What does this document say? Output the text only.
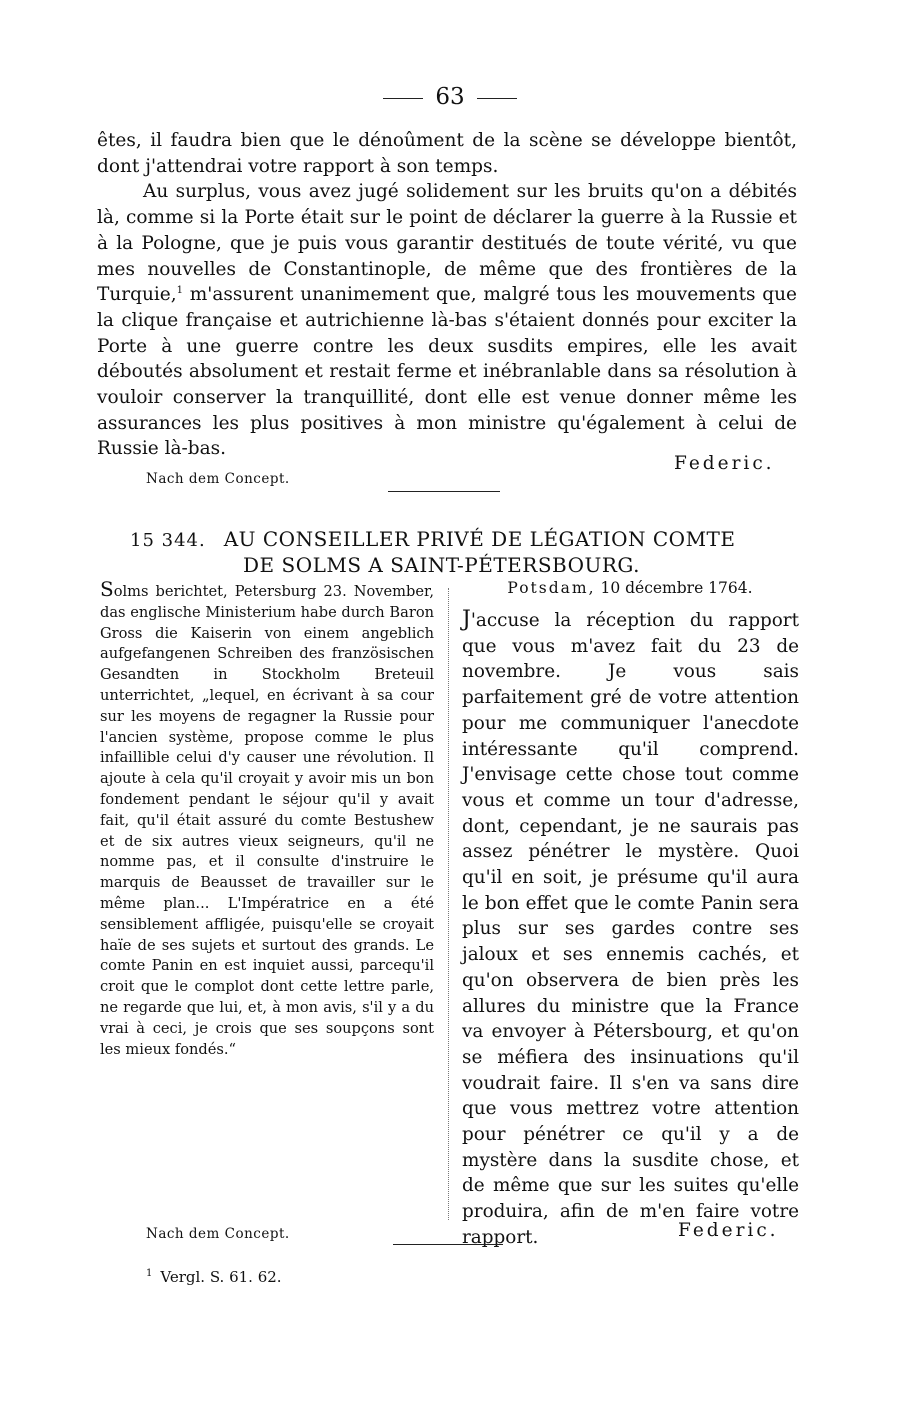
63

êtes, il faudra bien que le dénoûment de la scène se développe bientôt, dont j'attendrai votre rapport à son temps.

Au surplus, vous avez jugé solidement sur les bruits qu'on a débités là, comme si la Porte était sur le point de déclarer la guerre à la Russie et à la Pologne, que je puis vous garantir destitués de toute vérité, vu que mes nouvelles de Constantinople, de même que des frontières de la Turquie,$^1$ m'assurent unanimement que, malgré tous les mouvements que la clique française et autrichienne là-bas s'étaient donnés pour exciter la Porte à une guerre contre les deux susdits empires, elle les avait déboutés absolument et restait ferme et inébranlable dans sa résolution à vouloir conserver la tranquillité, dont elle est venue donner même les assurances les plus positives à mon ministre qu'également à celui de Russie là-bas.

Federic.
Nach dem Concept.
15 344. AU CONSEILLER PRIVÉ DE LÉGATION COMTE
DE SOLMS A SAINT-PÉTERSBOURG.
Solms berichtet, Petersburg 23. November, das englische Ministerium habe durch Baron Gross die Kaiserin von einem angeblich aufgefangenen Schreiben des französischen Gesandten in Stockholm Breteuil unterrichtet, „lequel, en écrivant à sa cour sur les moyens de regagner la Russie pour l'ancien système, propose comme le plus infaillible celui d'y causer une révolution. Il ajoute à cela qu'il croyait y avoir mis un bon fondement pendant le séjour qu'il y avait fait, qu'il était assuré du comte Bestushew et de six autres vieux seigneurs, qu'il ne nomme pas, et il consulte d'instruire le marquis de Beausset de travailler sur le même plan... L'Impératrice en a été sensiblement affligée, puisqu'elle se croyait haïe de ses sujets et surtout des grands. Le comte Panin en est inquiet aussi, parcequ'il croit que le complot dont cette lettre parle, ne regarde que lui, et, à mon avis, s'il y a du vrai à ceci, je crois que ses soupçons sont les mieux fondés.“
Potsdam, 10 décembre 1764.
J'accuse la réception du rapport que vous m'avez fait du 23 de novembre. Je vous sais parfaitement gré de votre attention pour me communiquer l'anecdote intéressante qu'il comprend. J'envisage cette chose tout comme vous et comme un tour d'adresse, dont, cependant, je ne saurais pas assez pénétrer le mystère. Quoi qu'il en soit, je présume qu'il aura le bon effet que le comte Panin sera plus sur ses gardes contre ses jaloux et ses ennemis cachés, et qu'on observera de bien près les allures du ministre que la France va envoyer à Pétersbourg, et qu'on se méfiera des insinuations qu'il voudrait faire. Il s'en va sans dire que vous mettrez votre attention pour pénétrer ce qu'il y a de mystère dans la susdite chose, et de même que sur les suites qu'elle produira, afin de m'en faire votre rapport.	Federic.
Nach dem Concept.
$^1$ Vergl. S. 61. 62.
